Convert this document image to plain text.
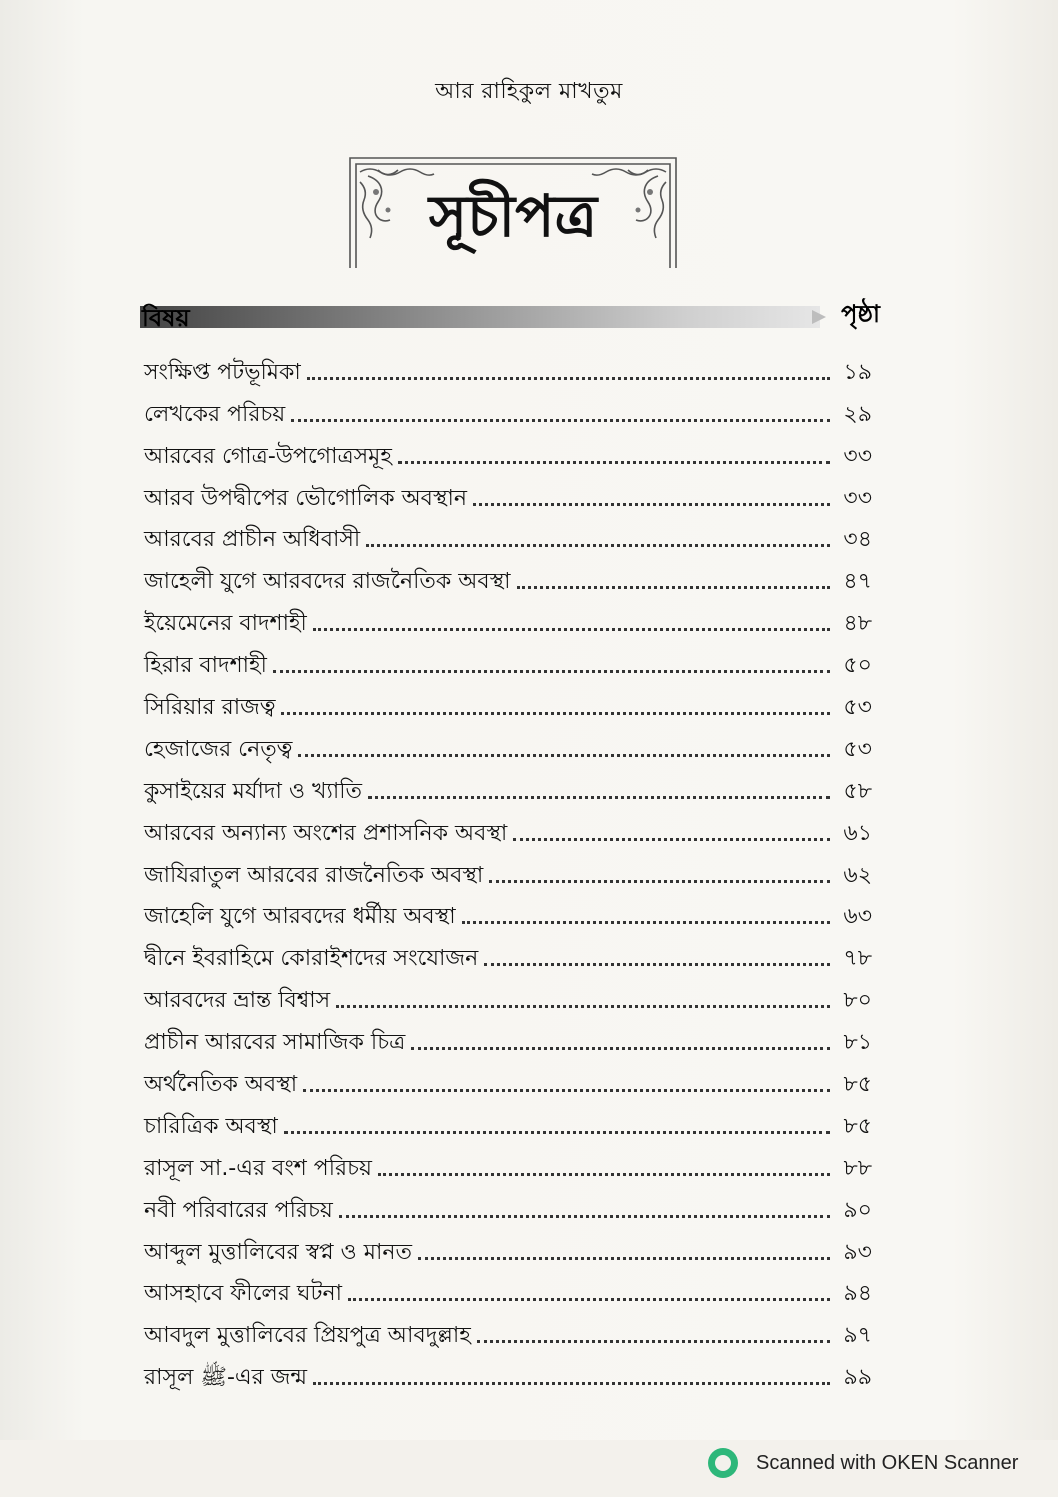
আর রাহিকুল মাখতুম
সূচীপত্র
বিষয়	পৃষ্ঠা
সংক্ষিপ্ত পটভূমিকা	১৯
লেখকের পরিচয়	২৯
আরবের গোত্র-উপগোত্রসমূহ	৩৩
আরব উপদ্বীপের ভৌগোলিক অবস্থান	৩৩
আরবের প্রাচীন অধিবাসী	৩৪
জাহেলী যুগে আরবদের রাজনৈতিক অবস্থা	৪৭
ইয়েমেনের বাদশাহী	৪৮
হিরার বাদশাহী	৫০
সিরিয়ার রাজত্ব	৫৩
হেজাজের নেতৃত্ব	৫৩
কুসাইয়ের মর্যাদা ও খ্যাতি	৫৮
আরবের অন্যান্য অংশের প্রশাসনিক অবস্থা	৬১
জাযিরাতুল আরবের রাজনৈতিক অবস্থা	৬২
জাহেলি যুগে আরবদের ধর্মীয় অবস্থা	৬৩
দ্বীনে ইবরাহিমে কোরাইশদের সংযোজন	৭৮
আরবদের ভ্রান্ত বিশ্বাস	৮০
প্রাচীন আরবের সামাজিক চিত্র	৮১
অর্থনৈতিক অবস্থা	৮৫
চারিত্রিক অবস্থা	৮৫
রাসূল সা.-এর বংশ পরিচয়	৮৮
নবী পরিবারের পরিচয়	৯০
আব্দুল মুত্তালিবের স্বপ্ন ও মানত	৯৩
আসহাবে ফীলের ঘটনা	৯৪
আবদুল মুত্তালিবের প্রিয়পুত্র আবদুল্লাহ	৯৭
রাসূল ﷺ-এর জন্ম	৯৯
Scanned with OKEN Scanner
